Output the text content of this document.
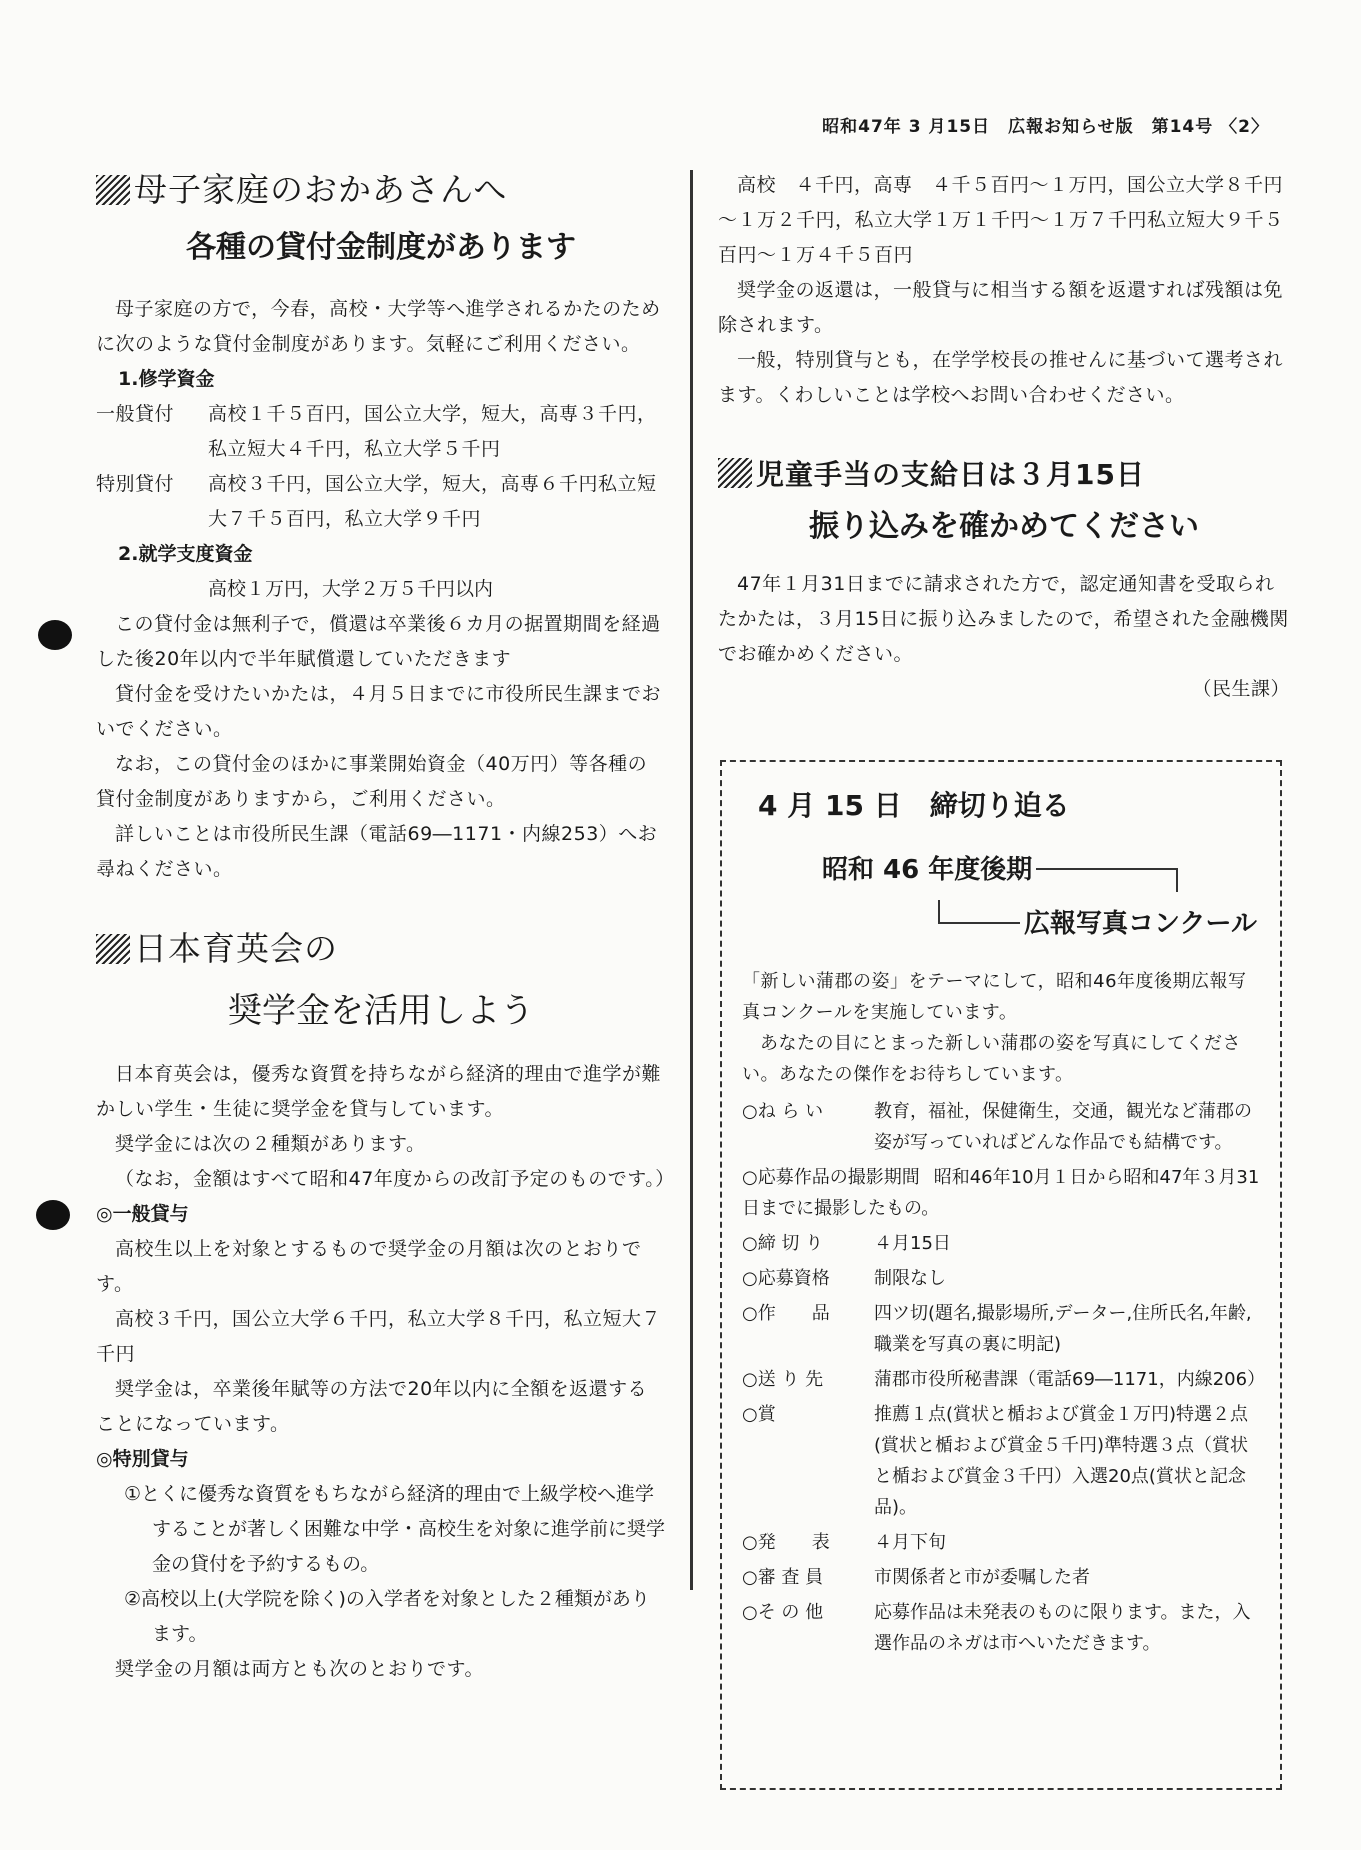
昭和47年 3 月15日　広報お知らせ版　第14号 〈2〉
母子家庭のおかあさんへ
各種の貸付金制度があります

母子家庭の方で，今春，高校・大学等へ進学されるかたのために次のような貸付金制度があります。気軽にご利用ください。

1.修学資金

一般貸付	高校１千５百円，国公立大学，短大，高専３千円，私立短大４千円，私立大学５千円
特別貸付	高校３千円，国公立大学，短大，高専６千円私立短大７千５百円，私立大学９千円

2.就学支度資金

高校１万円，大学２万５千円以内

この貸付金は無利子で，償還は卒業後６カ月の据置期間を経過した後20年以内で半年賦償還していただきます

貸付金を受けたいかたは，４月５日までに市役所民生課までおいでください。

なお，この貸付金のほかに事業開始資金（40万円）等各種の貸付金制度がありますから，ご利用ください。

詳しいことは市役所民生課（電話69―1171・内線253）へお尋ねください。

日本育英会の
奨学金を活用しよう

日本育英会は，優秀な資質を持ちながら経済的理由で進学が難かしい学生・生徒に奨学金を貸与しています。

奨学金には次の２種類があります。

（なお，金額はすべて昭和47年度からの改訂予定のものです。）

◎一般貸与

高校生以上を対象とするもので奨学金の月額は次のとおりです。

高校３千円，国公立大学６千円，私立大学８千円，私立短大７千円

奨学金は，卒業後年賦等の方法で20年以内に全額を返還することになっています。

◎特別貸与

①とくに優秀な資質をもちながら経済的理由で上級学校へ進学することが著しく困難な中学・高校生を対象に進学前に奨学金の貸付を予約するもの。
②高校以上(大学院を除く)の入学者を対象とした２種類があります。

奨学金の月額は両方とも次のとおりです。

高校　４千円，高専　４千５百円～１万円，国公立大学８千円～１万２千円，私立大学１万１千円～１万７千円私立短大９千５百円～１万４千５百円

奨学金の返還は，一般貸与に相当する額を返還すれば残額は免除されます。

一般，特別貸与とも，在学学校長の推せんに基づいて選考されます。くわしいことは学校へお問い合わせください。

児童手当の支給日は３月15日
振り込みを確かめてください

47年１月31日までに請求された方で，認定通知書を受取られたかたは，３月15日に振り込みましたので，希望された金融機関でお確かめください。

（民生課）
4 月 15 日　締切り迫る
昭和 46 年度後期
広報写真コンクール

「新しい蒲郡の姿」をテーマにして，昭和46年度後期広報写真コンクールを実施しています。

あなたの目にとまった新しい蒲郡の姿を写真にしてください。あなたの傑作をお待ちしています。

○ね ら い	教育，福祉，保健衛生，交通，観光など蒲郡の姿が写っていればどんな作品でも結構です。
○応募作品の撮影期間 昭和46年10月１日から昭和47年３月31日までに撮影したもの。
○締 切 り	４月15日
○応募資格	制限なし
○作　　品	四ツ切(題名,撮影場所,データー,住所氏名,年齢,職業を写真の裏に明記)
○送 り 先	蒲郡市役所秘書課（電話69―1171，内線206）
○賞	推薦１点(賞状と楯および賞金１万円)特選２点(賞状と楯および賞金５千円)準特選３点（賞状と楯および賞金３千円）入選20点(賞状と記念品)。
○発　　表	４月下旬
○審 査 員	市関係者と市が委嘱した者
○そ の 他	応募作品は未発表のものに限ります。また，入選作品のネガは市へいただきます。
